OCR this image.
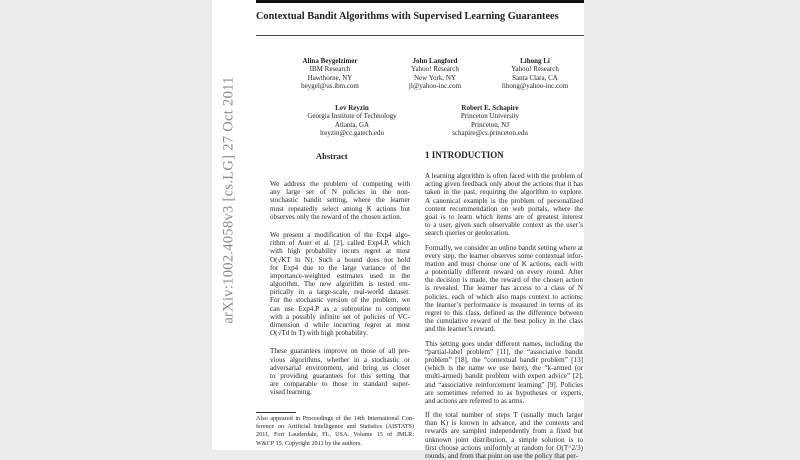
arXiv:1002.4058v3 [cs.LG] 27 Oct 2011
Contextual Bandit Algorithms with Supervised Learning Guarantees
Alina Beygelzimer
IBM Research
Hawthorne, NY
beygel@us.ibm.com
John Langford
Yahoo! Research
New York, NY
jl@yahoo-inc.com
Lihong Li
Yahoo! Research
Santa Clara, CA
lihong@yahoo-inc.com
Lev Reyzin
Georgia Institute of Technology
Atlanta, GA
lreyzin@cc.gatech.edu
Robert E. Schapire
Princeton University
Princeton, NJ
schapire@cs.princeton.edu
Abstract	1 INTRODUCTION
We address the problem of competing with
any large set of N policies in the non-
stochastic bandit setting, where the learner
must repeatedly select among K actions but
observes only the reward of the chosen action.
We present a modification of the Exp4 algo-
rithm of Auer et al. [2], called Exp4.P, which
with high probability incurs regret at most
O(√KT ln N). Such a bound does not hold
for Exp4 due to the large variance of the
importance-weighted estimates used in the
algorithm. The new algorithm is tested em-
pirically in a large-scale, real-world dataset.
For the stochastic version of the problem, we
can use Exp4.P as a subroutine to compete
with a possibly infinite set of policies of VC-
dimension d while incurring regret at most
O(√Td ln T) with high probability.
These guarantees improve on those of all pre-
vious algorithms, whether in a stochastic or
adversarial environment, and bring us closer
to providing guarantees for this setting that
are comparable to those in standard super-
vised learning.
A learning algorithm is often faced with the problem of
acting given feedback only about the actions that it has
taken in the past, requiring the algorithm to explore.
A canonical example is the problem of personalized
content recommendation on web portals, where the
goal is to learn which items are of greatest interest
to a user, given such observable context as the user’s
search queries or geolocation.
Formally, we consider an online bandit setting where at
every step, the learner observes some contextual infor-
mation and must choose one of K actions, each with
a potentially different reward on every round. After
the decision is made, the reward of the chosen action
is revealed. The learner has access to a class of N
policies, each of which also maps context to actions;
the learner’s performance is measured in terms of its
regret to this class, defined as the difference between
the cumulative reward of the best policy in the class
and the learner’s reward.
This setting goes under different names, including the
“partial-label problem” [11], the “associative bandit
problem” [18], the “contextual bandit problem” [13]
(which is the name we use here), the “k-armed (or
multi-armed) bandit problem with expert advice” [2],
and “associative reinforcement learning” [9]. Policies
are sometimes referred to as hypotheses or experts,
and actions are referred to as arms.
If the total number of steps T (usually much larger
than K) is known in advance, and the contexts and
rewards are sampled independently from a fixed but
unknown joint distribution, a simple solution is to
first choose actions uniformly at random for O(T^2/3)
rounds, and from that point on use the policy that per-
Also appeared in Proceedings of the 14th International Con-
ference on Artificial Intelligence and Statistics (AISTATS)
2011, Fort Lauderdale, FL, USA. Volume 15 of JMLR:
W&CP 15. Copyright 2011 by the authors.
